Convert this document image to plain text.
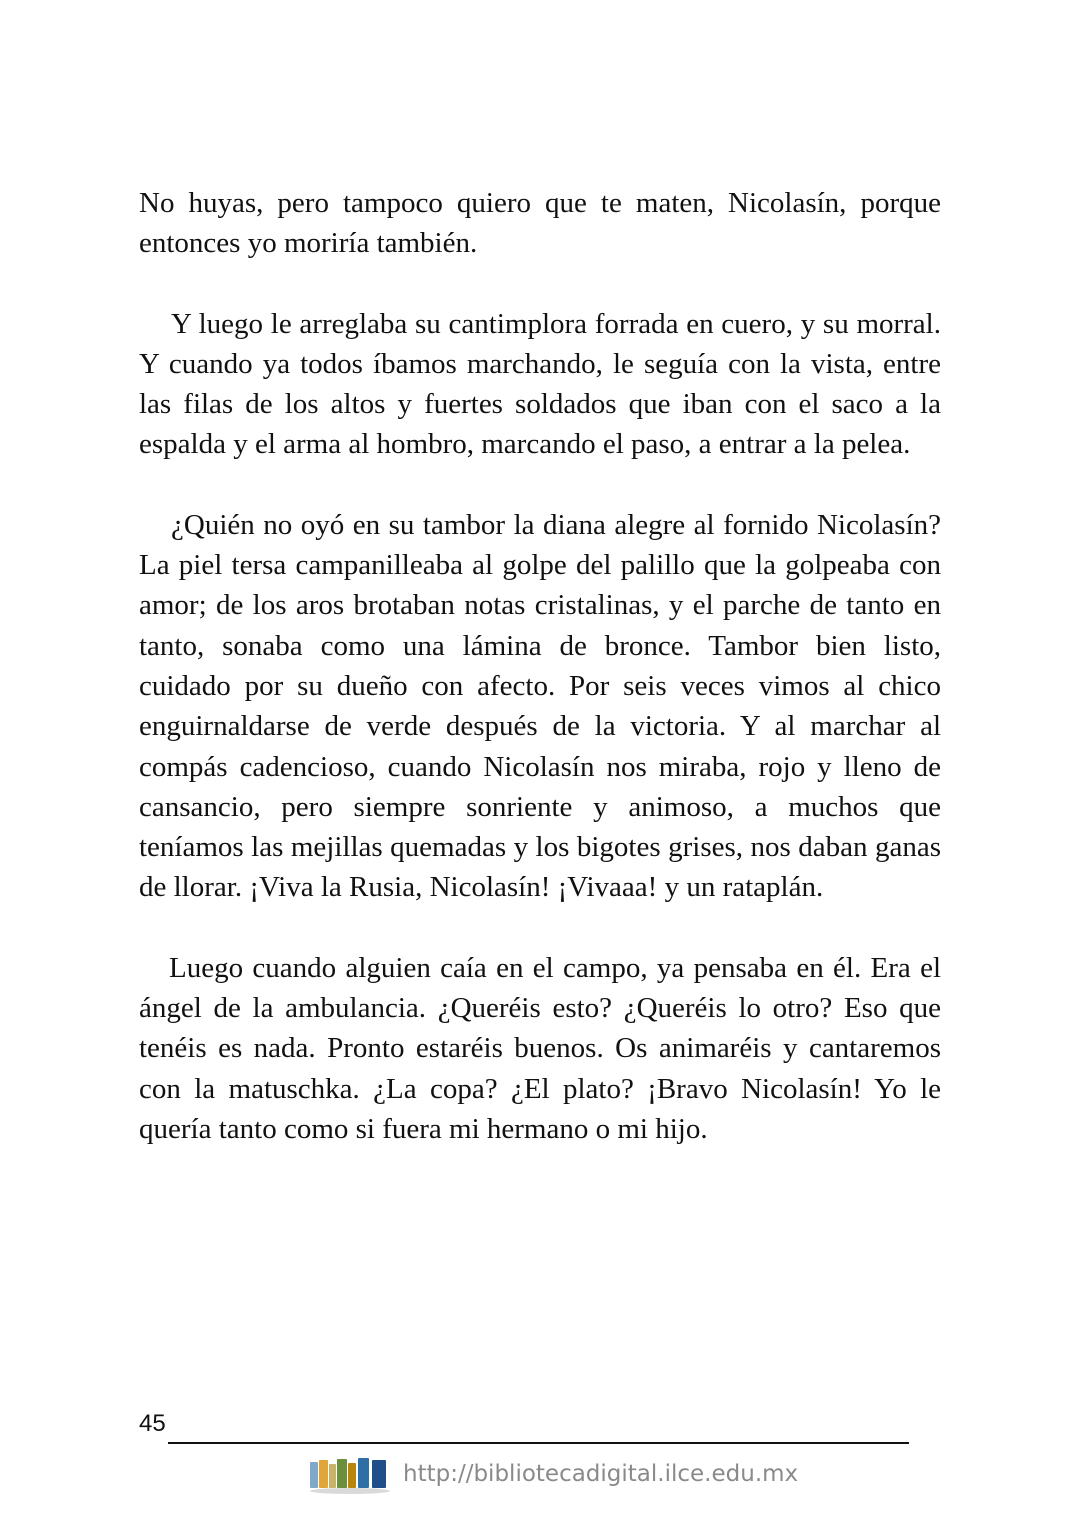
No huyas, pero tampoco quiero que te maten, Nicolasín, porque entonces yo moriría también.

Y luego le arreglaba su cantimplora forrada en cuero, y su morral. Y cuando ya todos íbamos marchando, le seguía con la vista, entre las filas de los altos y fuertes soldados que iban con el saco a la espalda y el arma al hombro, marcando el paso, a entrar a la pelea.

¿Quién no oyó en su tambor la diana alegre al fornido Nicolasín? La piel tersa campanilleaba al golpe del palillo que la golpeaba con amor; de los aros brotaban notas cristalinas, y el parche de tanto en tanto, sonaba como una lámina de bronce. Tambor bien listo, cuidado por su dueño con afecto. Por seis veces vimos al chico enguirnaldarse de verde después de la victoria. Y al marchar al compás cadencioso, cuando Nicolasín nos miraba, rojo y lleno de cansancio, pero siempre sonriente y animoso, a muchos que teníamos las mejillas quemadas y los bigotes grises, nos daban ganas de llorar. ¡Viva la Rusia, Nicolasín! ¡Vivaaa! y un rataplán.

Luego cuando alguien caía en el campo, ya pensaba en él. Era el ángel de la ambulancia. ¿Queréis esto? ¿Queréis lo otro? Eso que tenéis es nada. Pronto estaréis buenos. Os animaréis y cantaremos con la matuschka. ¿La copa? ¿El plato? ¡Bravo Nicolasín! Yo le quería tanto como si fuera mi hermano o mi hijo.

45
http://bibliotecadigital.ilce.edu.mx
